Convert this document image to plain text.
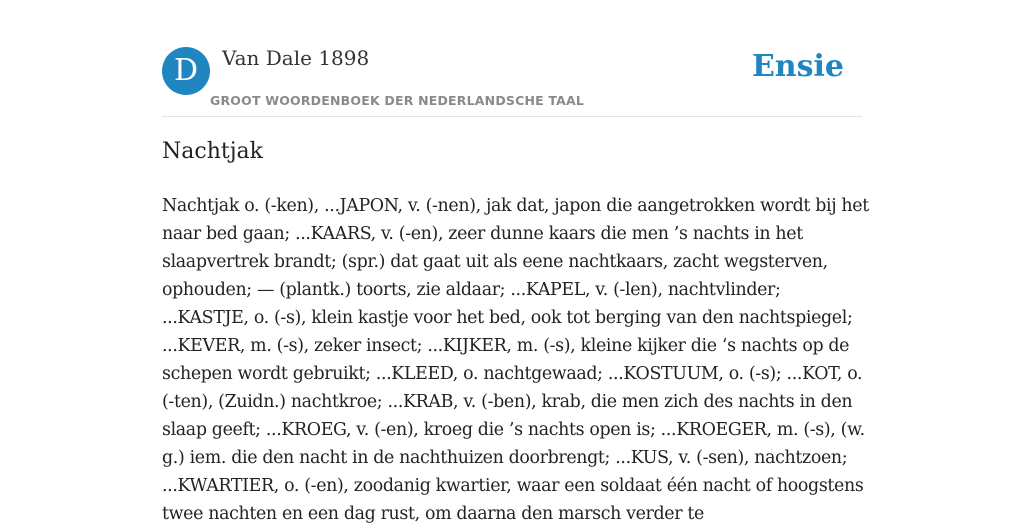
D	Van Dale 1898
GROOT WOORDENBOEK DER NEDERLANDSCHE TAAL
Ensie
Nachtjak

Nachtjak o. (-ken), ...JAPON, v. (-nen), jak dat, japon die aangetrokken wordt bij het naar bed gaan; ...KAARS, v. (-en), zeer dunne kaars die men ’s nachts in het slaapvertrek brandt; (spr.) dat gaat uit als eene nachtkaars, zacht wegsterven, ophouden; — (plantk.) toorts, zie aldaar; ...KAPEL, v. (-len), nachtvlinder; ...KASTJE, o. (-s), klein kastje voor het bed, ook tot berging van den nachtspiegel; ...KEVER, m. (-s), zeker insect; ...KIJKER, m. (-s), kleine kijker die ‘s nachts op de schepen wordt gebruikt; ...KLEED, o. nachtgewaad; ...KOSTUUM, o. (-s); ...KOT, o. (-ten), (Zuidn.) nachtkroe; ...KRAB, v. (-ben), krab, die men zich des nachts in den slaap geeft; ...KROEG, v. (-en), kroeg die ’s nachts open is; ...KROEGER, m. (-s), (w. g.) iem. die den nacht in de nachthuizen doorbrengt; ...KUS, v. (-sen), nachtzoen; ...KWARTIER, o. (-en), zoodanig kwartier, waar een soldaat één nacht of hoogstens twee nachten en een dag rust, om daarna den marsch verder te
